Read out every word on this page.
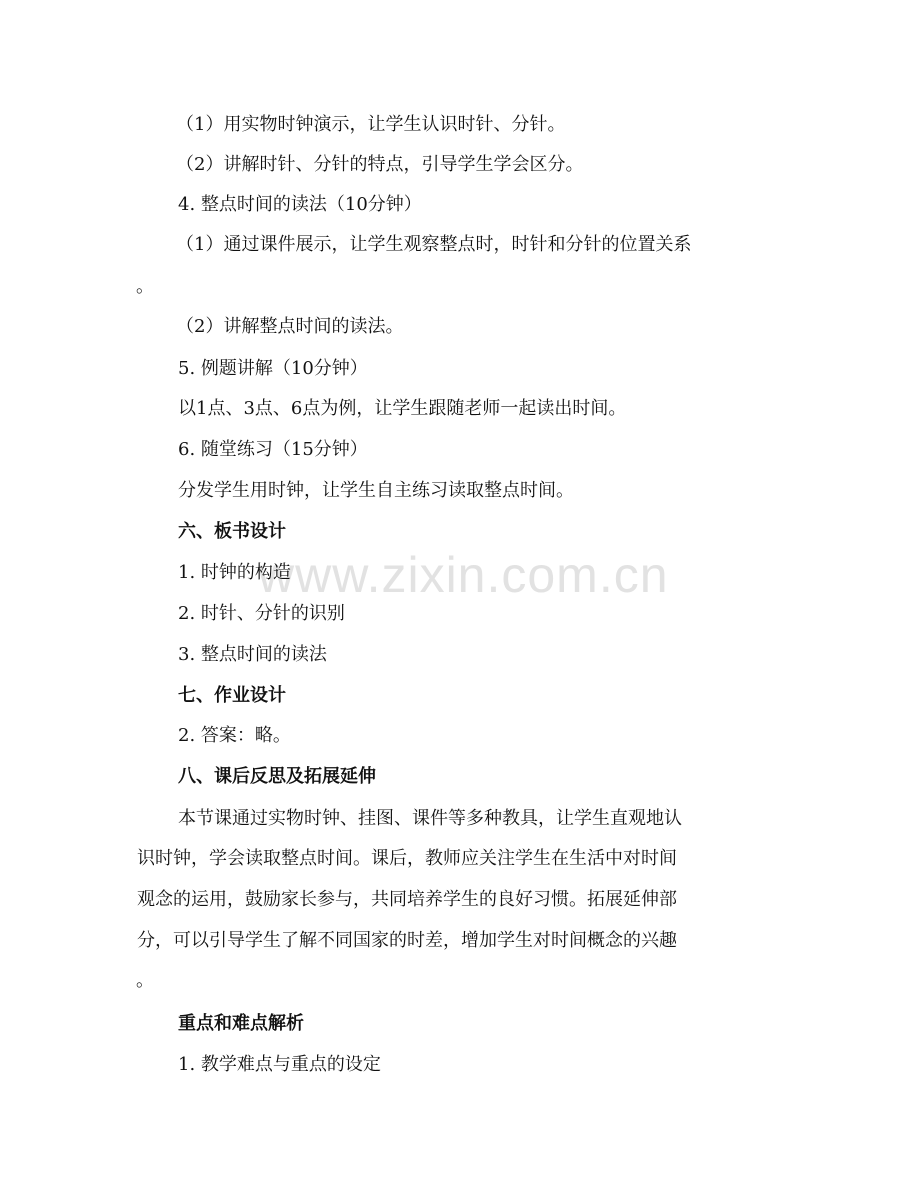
www.zixin.com.cn
（1）用实物时钟演示，让学生认识时针、分针。
（2）讲解时针、分针的特点，引导学生学会区分。
4. 整点时间的读法（10分钟）
（1）通过课件展示，让学生观察整点时，时针和分针的位置关系
。
（2）讲解整点时间的读法。
5. 例题讲解（10分钟）
以1点、3点、6点为例，让学生跟随老师一起读出时间。
6. 随堂练习（15分钟）
分发学生用时钟，让学生自主练习读取整点时间。
六、板书设计
1. 时钟的构造
2. 时针、分针的识别
3. 整点时间的读法
七、作业设计
2. 答案：略。
八、课后反思及拓展延伸
本节课通过实物时钟、挂图、课件等多种教具，让学生直观地认
识时钟，学会读取整点时间。课后，教师应关注学生在生活中对时间
观念的运用，鼓励家长参与，共同培养学生的良好习惯。拓展延伸部
分，可以引导学生了解不同国家的时差，增加学生对时间概念的兴趣
。
重点和难点解析
1. 教学难点与重点的设定
